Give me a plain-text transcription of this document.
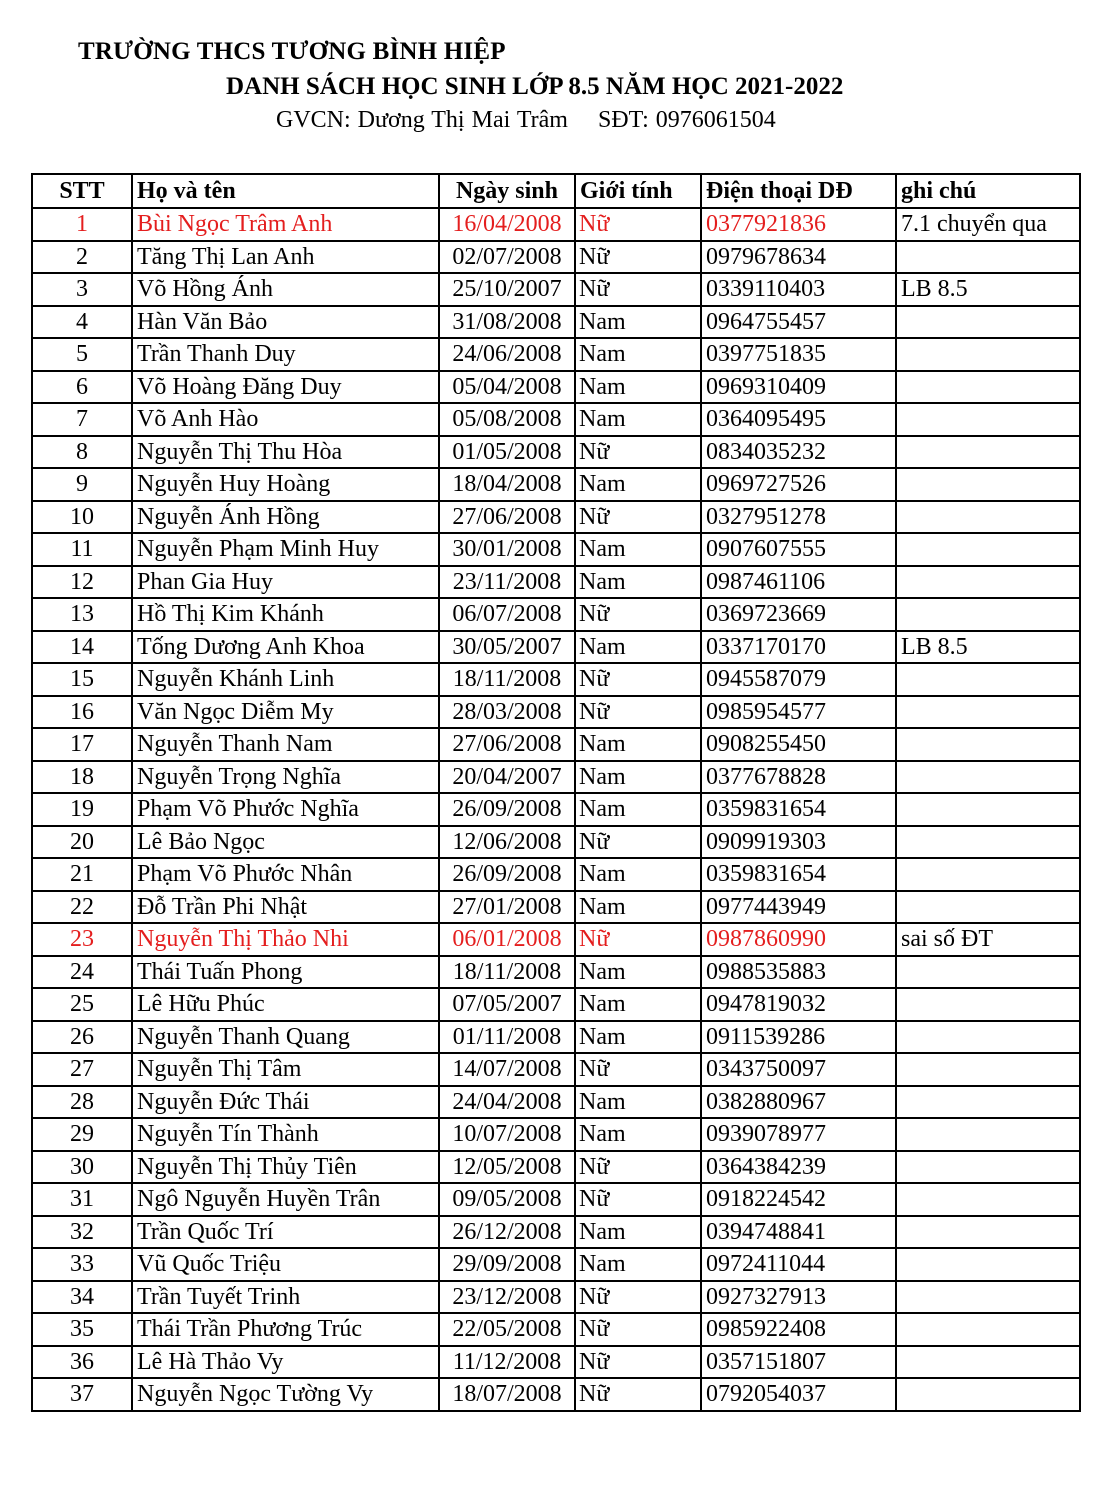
TRƯỜNG THCS TƯƠNG BÌNH HIỆP
DANH SÁCH HỌC SINH LỚP 8.5 NĂM HỌC 2021-2022
GVCN: Dương Thị Mai Trâm SĐT: 0976061504
STT	Họ và tên	Ngày sinh	Giới tính	Điện thoại DĐ	ghi chú
1	Bùi Ngọc Trâm Anh	16/04/2008	Nữ	0377921836	7.1 chuyển qua
2	Tăng Thị Lan Anh	02/07/2008	Nữ	0979678634	
3	Võ Hồng Ánh	25/10/2007	Nữ	0339110403	LB 8.5
4	Hàn Văn Bảo	31/08/2008	Nam	0964755457	
5	Trần Thanh Duy	24/06/2008	Nam	0397751835	
6	Võ Hoàng Đăng Duy	05/04/2008	Nam	0969310409	
7	Võ Anh Hào	05/08/2008	Nam	0364095495	
8	Nguyễn Thị Thu Hòa	01/05/2008	Nữ	0834035232	
9	Nguyễn Huy Hoàng	18/04/2008	Nam	0969727526	
10	Nguyễn Ánh Hồng	27/06/2008	Nữ	0327951278	
11	Nguyễn Phạm Minh Huy	30/01/2008	Nam	0907607555	
12	Phan Gia Huy	23/11/2008	Nam	0987461106	
13	Hồ Thị Kim Khánh	06/07/2008	Nữ	0369723669	
14	Tống Dương Anh Khoa	30/05/2007	Nam	0337170170	LB 8.5
15	Nguyễn Khánh Linh	18/11/2008	Nữ	0945587079	
16	Văn Ngọc Diễm My	28/03/2008	Nữ	0985954577	
17	Nguyễn Thanh Nam	27/06/2008	Nam	0908255450	
18	Nguyễn Trọng Nghĩa	20/04/2007	Nam	0377678828	
19	Phạm Võ Phước Nghĩa	26/09/2008	Nam	0359831654	
20	Lê Bảo Ngọc	12/06/2008	Nữ	0909919303	
21	Phạm Võ Phước Nhân	26/09/2008	Nam	0359831654	
22	Đỗ Trần Phi Nhật	27/01/2008	Nam	0977443949	
23	Nguyễn Thị Thảo Nhi	06/01/2008	Nữ	0987860990	sai số ĐT
24	Thái Tuấn Phong	18/11/2008	Nam	0988535883	
25	Lê Hữu Phúc	07/05/2007	Nam	0947819032	
26	Nguyễn Thanh Quang	01/11/2008	Nam	0911539286	
27	Nguyễn Thị Tâm	14/07/2008	Nữ	0343750097	
28	Nguyễn Đức Thái	24/04/2008	Nam	0382880967	
29	Nguyễn Tín Thành	10/07/2008	Nam	0939078977	
30	Nguyễn Thị Thủy Tiên	12/05/2008	Nữ	0364384239	
31	Ngô Nguyễn Huyền Trân	09/05/2008	Nữ	0918224542	
32	Trần Quốc Trí	26/12/2008	Nam	0394748841	
33	Vũ Quốc Triệu	29/09/2008	Nam	0972411044	
34	Trần Tuyết Trinh	23/12/2008	Nữ	0927327913	
35	Thái Trần Phương Trúc	22/05/2008	Nữ	0985922408	
36	Lê Hà Thảo Vy	11/12/2008	Nữ	0357151807	
37	Nguyễn Ngọc Tường Vy	18/07/2008	Nữ	0792054037	
